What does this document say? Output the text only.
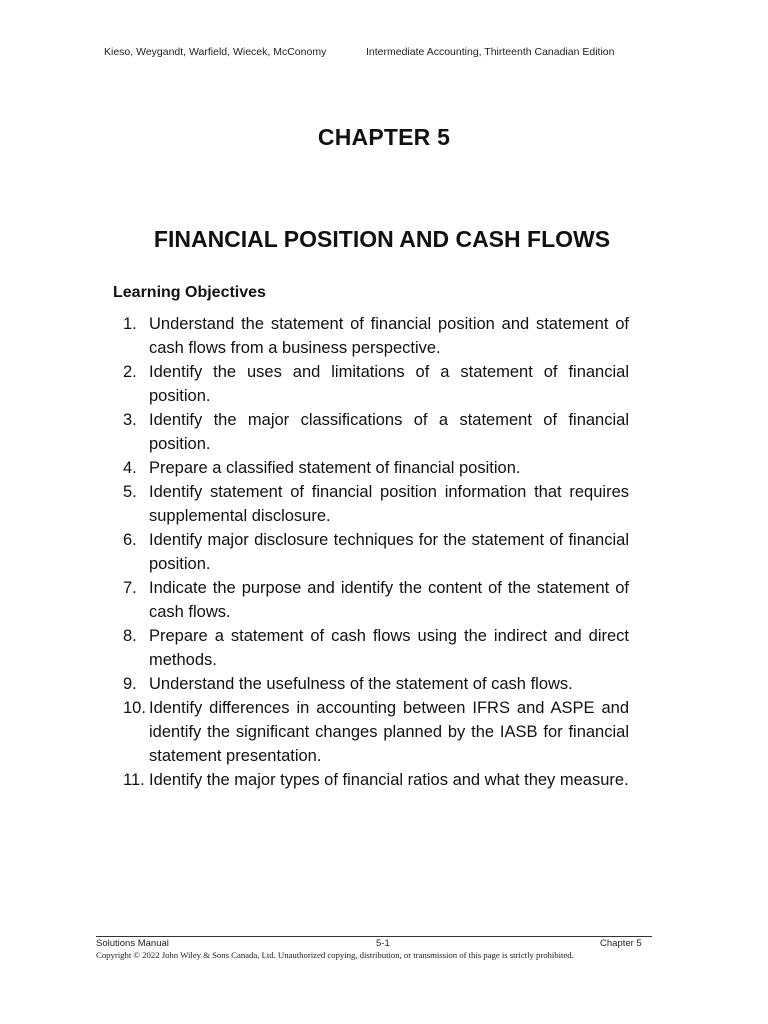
Kieso, Weygandt, Warfield, Wiecek, McConomy	Intermediate Accounting, Thirteenth Canadian Edition
CHAPTER 5
FINANCIAL POSITION AND CASH FLOWS
Learning Objectives
1. Understand the statement of financial position and statement of cash flows from a business perspective.
2. Identify the uses and limitations of a statement of financial position.
3. Identify the major classifications of a statement of financial position.
4. Prepare a classified statement of financial position.
5. Identify statement of financial position information that requires supplemental disclosure.
6. Identify major disclosure techniques for the statement of financial position.
7. Indicate the purpose and identify the content of the statement of cash flows.
8. Prepare a statement of cash flows using the indirect and direct methods.
9. Understand the usefulness of the statement of cash flows.
10. Identify differences in accounting between IFRS and ASPE and identify the significant changes planned by the IASB for financial statement presentation.
11. Identify the major types of financial ratios and what they measure.
Solutions Manual	5-1	Chapter 5
Copyright © 2022 John Wiley & Sons Canada, Ltd. Unauthorized copying, distribution, or transmission of this page is strictly prohibited.
